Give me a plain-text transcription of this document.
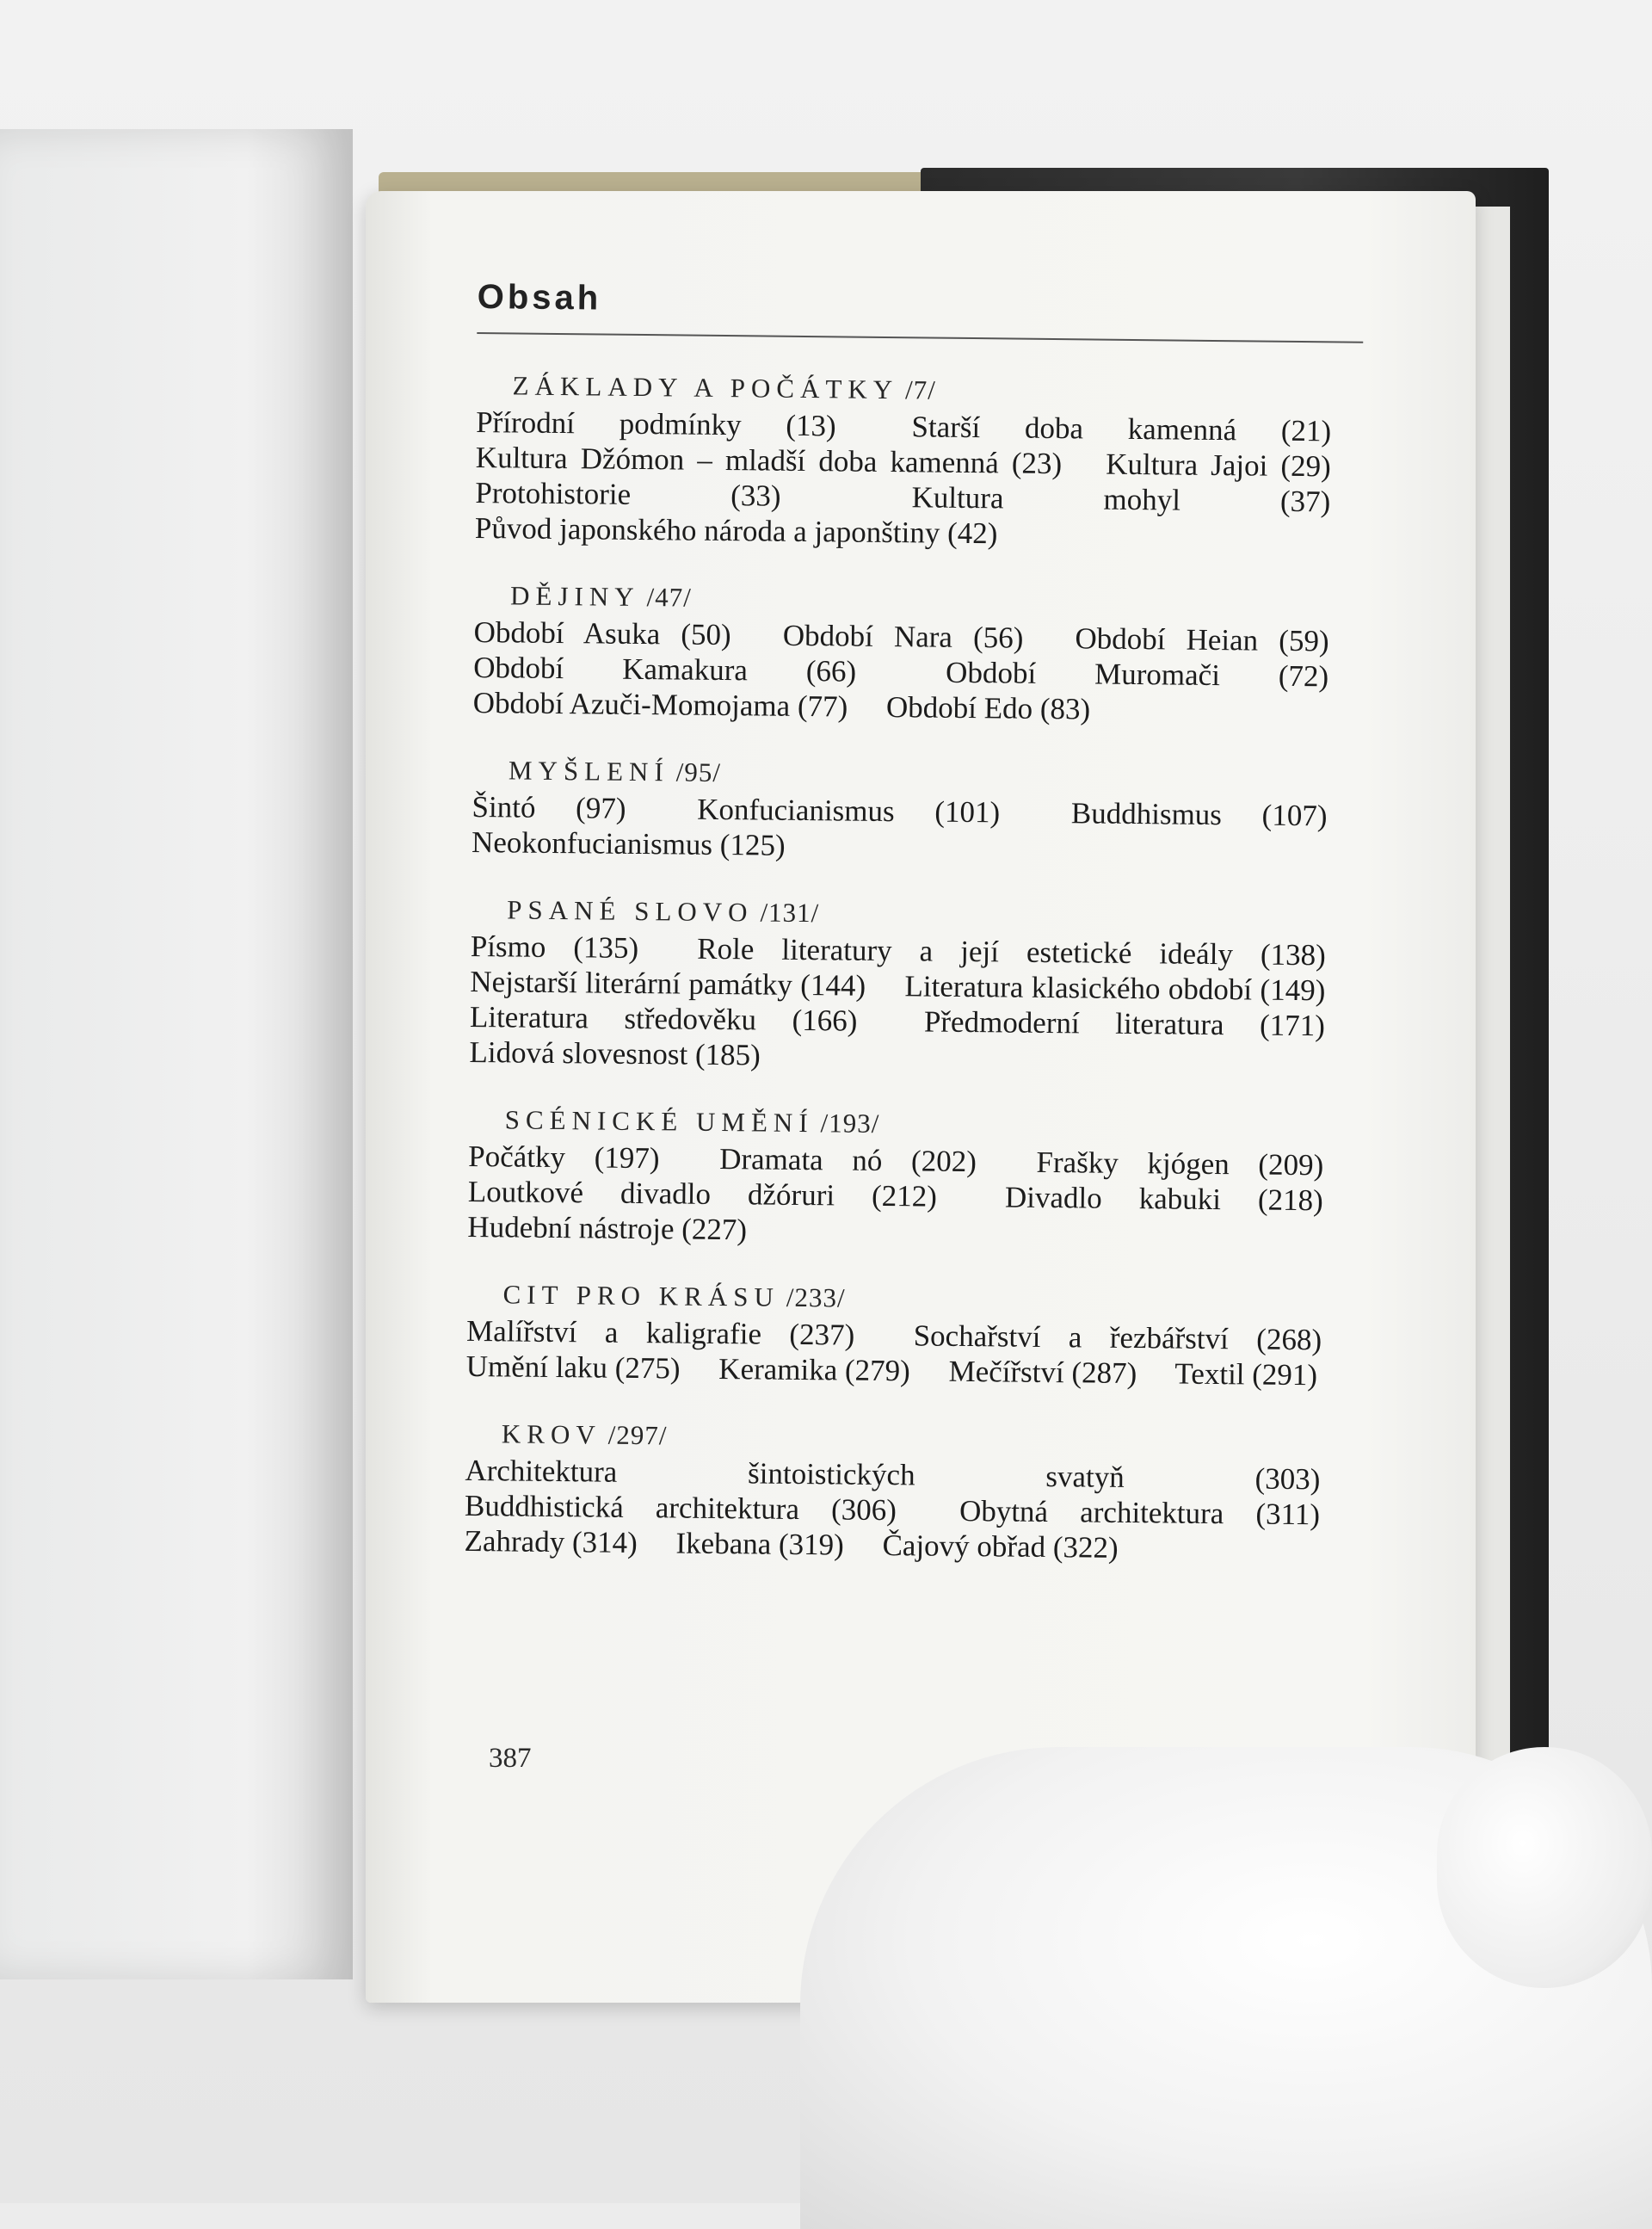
Obsah
ZÁKLADY A POČÁTKY /7/
Přírodní podmínky (13) Starší doba kamenná (21) Kultura Džómon – mladší doba kamenná (23) Kultura Jajoi (29) Protohistorie (33)	Kultura mohyl (37) Původ japonského národa a japonštiny (42)
DĚJINY /47/
Období Asuka (50) Období Nara (56) Období Heian (59) Období Kamakura (66)	Období Muromači (72) Období Azuči-Momojama (77) Období Edo (83)
MYŠLENÍ /95/
Šintó (97) Konfucianismus (101) Buddhismus (107) Neokonfucianismus (125)
PSANÉ SLOVO /131/
Písmo (135) Role literatury a její estetické ideály (138) Nejstarší literární památky (144) Literatura klasického období (149) Literatura středověku (166) Předmoderní literatura (171) Lidová slovesnost (185)
SCÉNICKÉ UMĚNÍ /193/
Počátky (197) Dramata nó (202) Frašky kjógen (209) Loutkové divadlo džóruri (212) Divadlo kabuki (218) Hudební nástroje (227)
CIT PRO KRÁSU /233/
Malířství a kaligrafie (237) Sochařství a řezbářství (268) Umění laku (275) Keramika (279) Mečířství (287) Textil (291)
KROV /297/
Architektura šintoistických svatyň (303) Buddhistická architektura (306) Obytná architektura (311) Zahrady (314) Ikebana (319) Čajový obřad (322)
387
